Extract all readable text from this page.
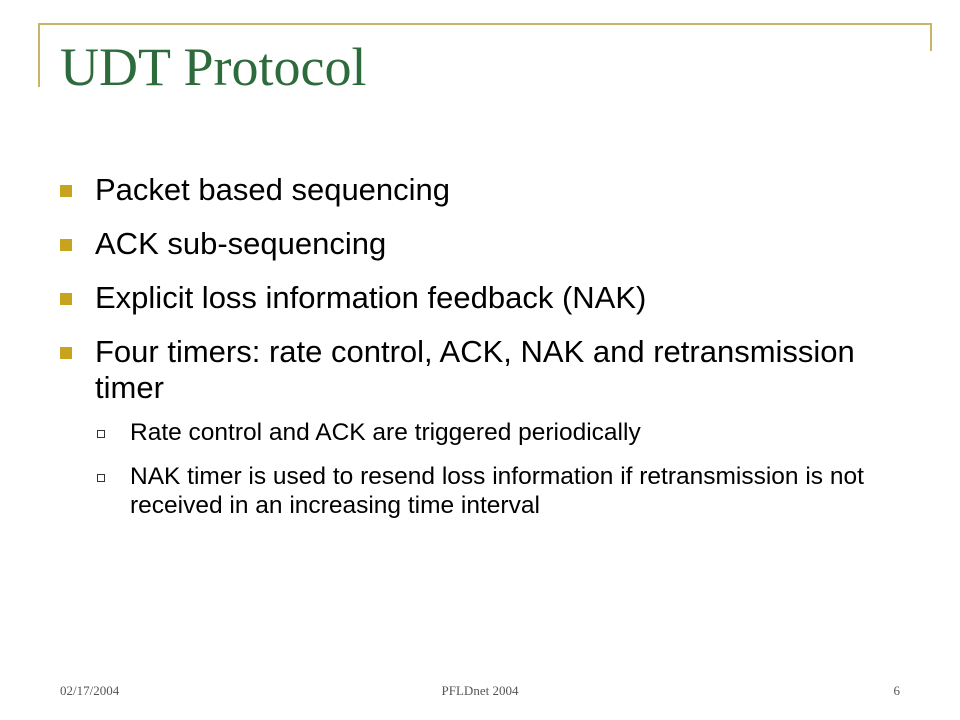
UDT Protocol
Packet based sequencing
ACK sub-sequencing
Explicit loss information feedback (NAK)
Four timers: rate control, ACK, NAK and retransmission timer
Rate control and ACK are triggered periodically
NAK timer is used to resend loss information if retransmission is not received in an increasing time interval
02/17/2004	PFLDnet 2004	6
